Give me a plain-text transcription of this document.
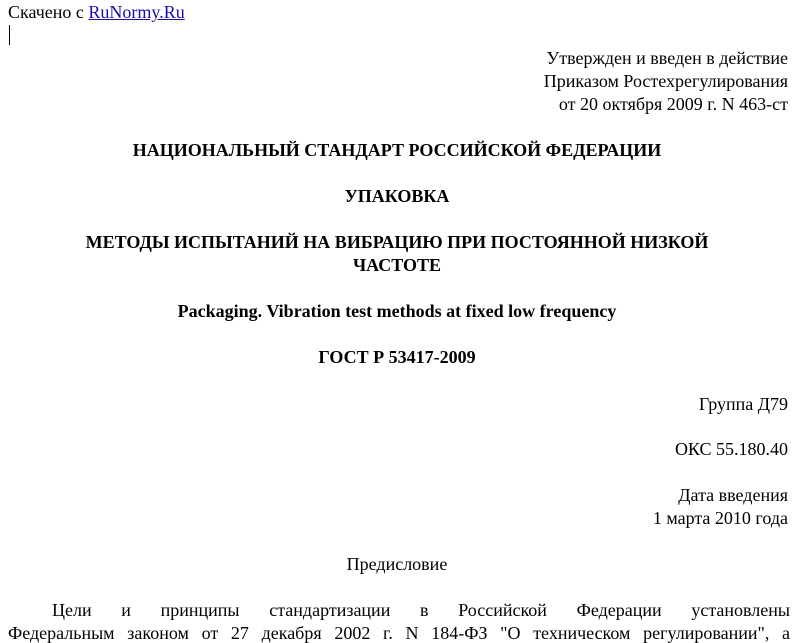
Скачено с RuNormy.Ru
Утвержден и введен в действие
Приказом Ростехрегулирования
от 20 октября 2009 г. N 463-ст
НАЦИОНАЛЬНЫЙ СТАНДАРТ РОССИЙСКОЙ ФЕДЕРАЦИИ
УПАКОВКА
МЕТОДЫ ИСПЫТАНИЙ НА ВИБРАЦИЮ ПРИ ПОСТОЯННОЙ НИЗКОЙ
ЧАСТОТЕ
Packaging. Vibration test methods at fixed low frequency
ГОСТ Р 53417-2009
Группа Д79
ОКС 55.180.40
Дата введения
1 марта 2010 года
Предисловие
Цели и принципы стандартизации в Российской Федерации установлены
Федеральным законом от 27 декабря 2002 г. N 184-ФЗ "О техническом регулировании", а
